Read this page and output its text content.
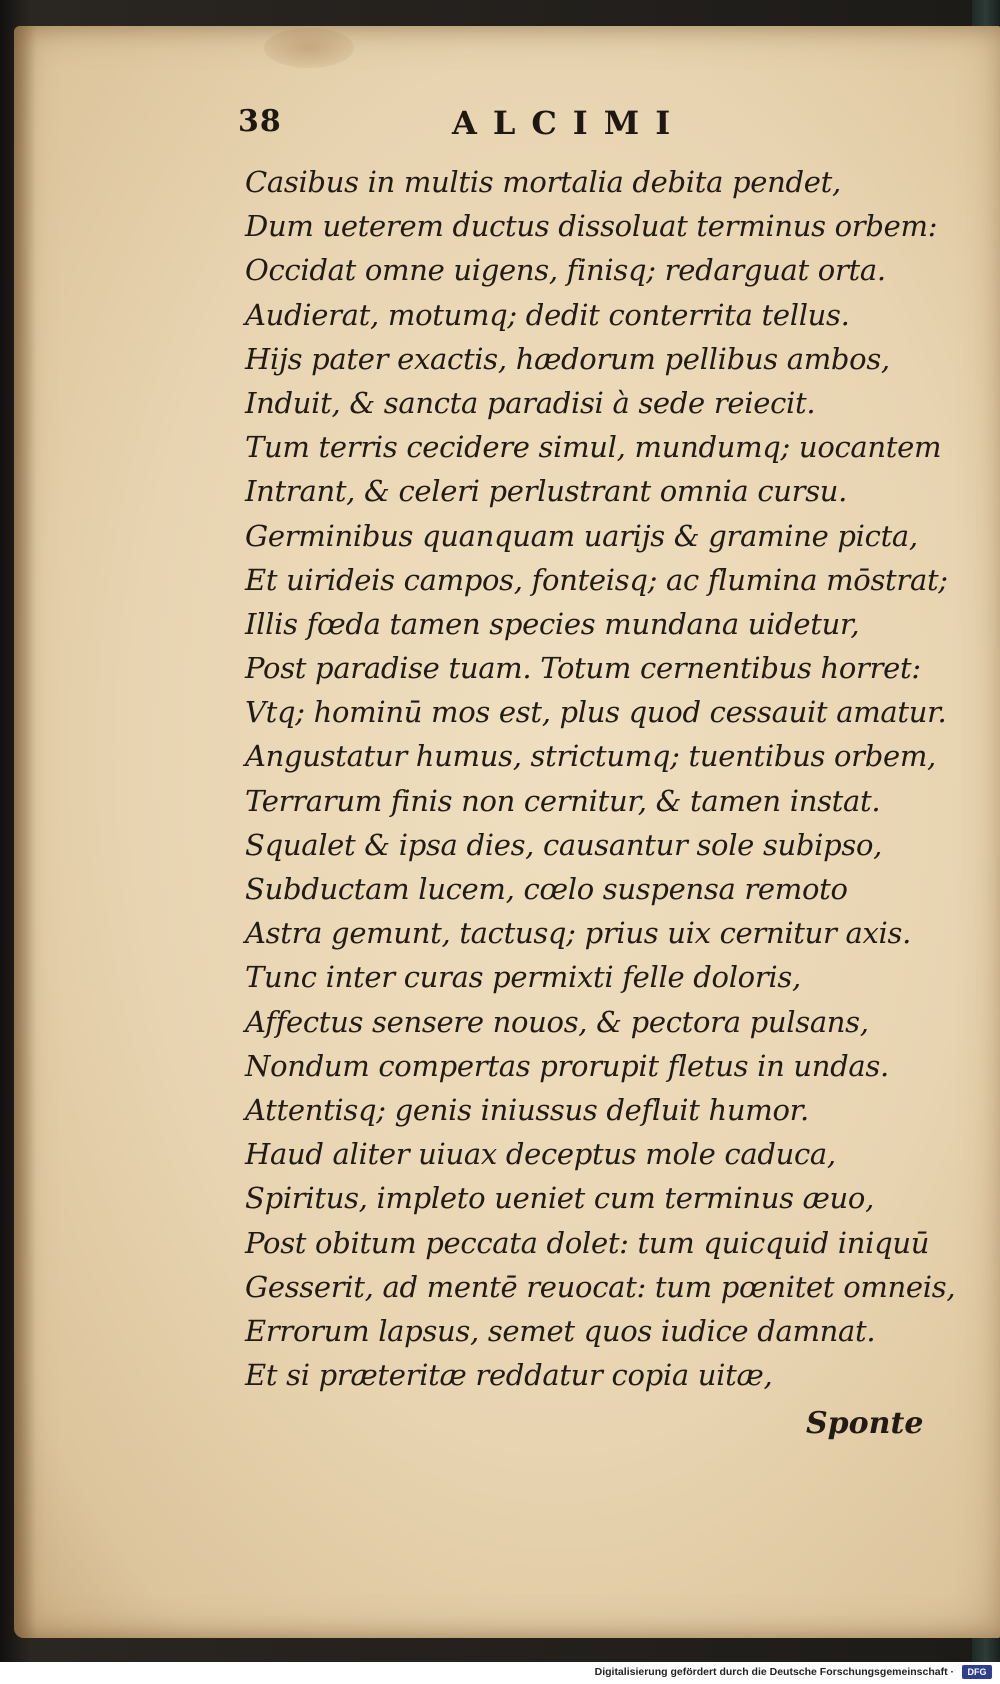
38	ALCIMI
Casibus in multis mortalia debita pendet,
Dum ueterem ductus dissoluat terminus orbem:
Occidat omne uigens, finisq; redarguat orta.
Audierat, motumq; dedit conterrita tellus.
Hijs pater exactis, hædorum pellibus ambos,
Induit, & sancta paradisi à sede reiecit.
Tum terris cecidere simul, mundumq; uocantem
Intrant, & celeri perlustrant omnia cursu.
Germinibus quanquam uarijs & gramine picta,
Et uirideis campos, fonteisq; ac flumina mōstrat;
Illis fœda tamen species mundana uidetur,
Post paradise tuam. Totum cernentibus horret:
Vtq; hominū mos est, plus quod cessauit amatur.
Angustatur humus, strictumq; tuentibus orbem,
Terrarum finis non cernitur, & tamen instat.
Squalet & ipsa dies, causantur sole subipso,
Subductam lucem, cœlo suspensa remoto
Astra gemunt, tactusq; prius uix cernitur axis.
Tunc inter curas permixti felle doloris,
Affectus sensere nouos, & pectora pulsans,
Nondum compertas prorupit fletus in undas.
Attentisq; genis iniussus defluit humor.
Haud aliter uiuax deceptus mole caduca,
Spiritus, impleto ueniet cum terminus æuo,
Post obitum peccata dolet: tum quicquid iniquū
Gesserit, ad mentē reuocat: tum pœnitet omneis,
Errorum lapsus, semet quos iudice damnat.
Et si præteritæ reddatur copia uitæ,
Sponte
Digitalisierung gefördert durch die Deutsche Forschungsgemeinschaft ·	DFG
